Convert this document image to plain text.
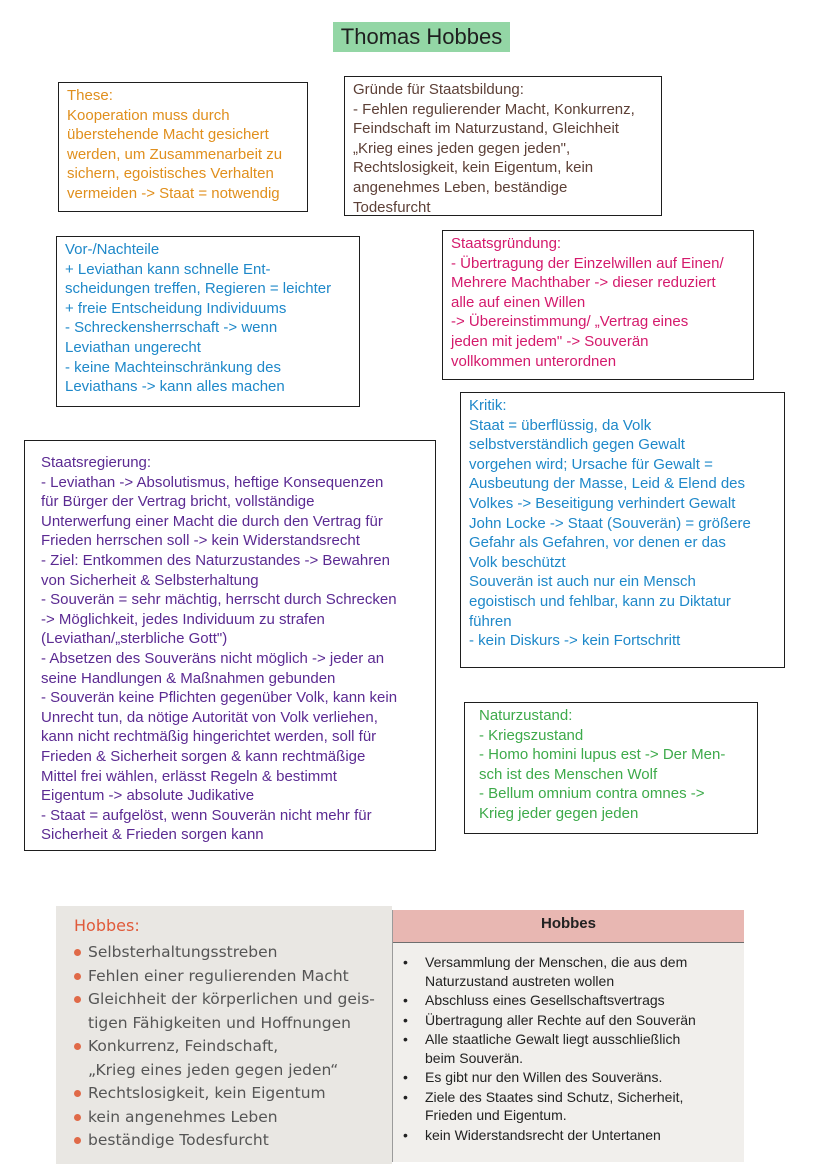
Thomas Hobbes
These:
Kooperation muss durch
überstehende Macht gesichert
werden, um Zusammenarbeit zu
sichern, egoistisches Verhalten
vermeiden -> Staat = notwendig
Gründe für Staatsbildung:
- Fehlen regulierender Macht, Konkurrenz,
Feindschaft im Naturzustand, Gleichheit
„Krieg eines jeden gegen jeden",
Rechtslosigkeit, kein Eigentum, kein
angenehmes Leben, beständige
Todesfurcht
Vor-/Nachteile
+ Leviathan kann schnelle Ent-
scheidungen treffen, Regieren = leichter
+ freie Entscheidung Individuums
- Schreckensherrschaft -> wenn
Leviathan ungerecht
- keine Machteinschränkung des
Leviathans -> kann alles machen
Staatsgründung:
- Übertragung der Einzelwillen auf Einen/
Mehrere Machthaber -> dieser reduziert
alle auf einen Willen
-> Übereinstimmung/ „Vertrag eines
jeden mit jedem" -> Souverän
vollkommen unterordnen
Kritik:
Staat = überflüssig, da Volk
selbstverständlich gegen Gewalt
vorgehen wird; Ursache für Gewalt =
Ausbeutung der Masse, Leid & Elend des
Volkes -> Beseitigung verhindert Gewalt
John Locke -> Staat (Souverän) = größere
Gefahr als Gefahren, vor denen er das
Volk beschützt
Souverän ist auch nur ein Mensch
egoistisch und fehlbar, kann zu Diktatur
führen
- kein Diskurs -> kein Fortschritt
Staatsregierung:
- Leviathan -> Absolutismus, heftige Konsequenzen
für Bürger der Vertrag bricht, vollständige
Unterwerfung einer Macht die durch den Vertrag für
Frieden herrschen soll -> kein Widerstandsrecht
- Ziel: Entkommen des Naturzustandes -> Bewahren
von Sicherheit & Selbsterhaltung
- Souverän = sehr mächtig, herrscht durch Schrecken
-> Möglichkeit, jedes Individuum zu strafen
(Leviathan/„sterbliche Gott")
- Absetzen des Souveräns nicht möglich -> jeder an
seine Handlungen & Maßnahmen gebunden
- Souverän keine Pflichten gegenüber Volk, kann kein
Unrecht tun, da nötige Autorität von Volk verliehen,
kann nicht rechtmäßig hingerichtet werden, soll für
Frieden & Sicherheit sorgen & kann rechtmäßige
Mittel frei wählen, erlässt Regeln & bestimmt
Eigentum -> absolute Judikative
- Staat = aufgelöst, wenn Souverän nicht mehr für
Sicherheit & Frieden sorgen kann
Naturzustand:
- Kriegszustand
- Homo homini lupus est -> Der Men-
sch ist des Menschen Wolf
- Bellum omnium contra omnes ->
Krieg jeder gegen jeden
Hobbes:
Selbsterhaltungsstreben
Fehlen einer regulierenden Macht
Gleichheit der körperlichen und geis-
tigen Fähigkeiten und Hoffnungen
Konkurrenz, Feindschaft,
„Krieg eines jeden gegen jeden“
Rechtslosigkeit, kein Eigentum
kein angenehmes Leben
beständige Todesfurcht
Hobbes
• Versammlung der Menschen, die aus dem
Naturzustand austreten wollen
• Abschluss eines Gesellschaftsvertrags
• Übertragung aller Rechte auf den Souverän
• Alle staatliche Gewalt liegt ausschließlich
beim Souverän.
• Es gibt nur den Willen des Souveräns.
• Ziele des Staates sind Schutz, Sicherheit,
Frieden und Eigentum.
• kein Widerstandsrecht der Untertanen
